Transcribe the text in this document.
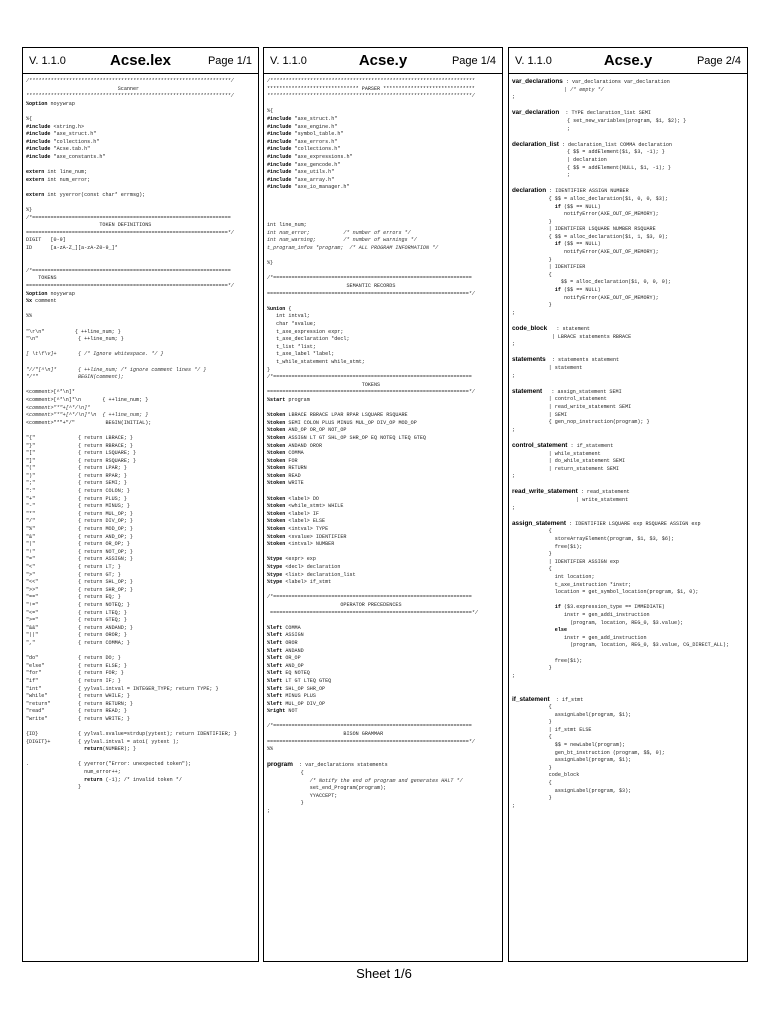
V. 1.1.0	Acse.lex	Page 1/1
/******************************************************************/
Scanner
*******************************************************************/
%option noyywrap
%{
#include <string.h>
#include "axe_struct.h"
#include "collections.h"
#include "Acse.tab.h"
#include "axe_constants.h"
extern int line_num;
extern int num_error;
extern int yyerror(const char* errmsg);
%}
/*=================================================================
TOKEN DEFINITIONS
==================================================================*/
DIGIT   [0-9]
ID      [a-zA-Z_][a-zA-Z0-9_]*
/*=================================================================
TOKENS
==================================================================*/
%option noyywrap
%x comment
%%
"\r\n"          { ++line_num; }
"\n"             { ++line_num; }
[ \t\f\v]+       { /* Ignore whitespace. */ }
"//"[^\n]*       { ++line_num; /* ignore comment lines */ }
"/*"             BEGIN(comment);
<comment>[^*\n]*
<comment>[^*\n]*\n       { ++line_num; }
<comment>"*"+[^*/\n]*
<comment>"*"+[^*/\n]*\n  { ++line_num; }
<comment>"*"+"/"          BEGIN(INITIAL);
"{"              { return LBRACE; }
"}"              { return RBRACE; }
"["              { return LSQUARE; }
"]"              { return RSQUARE; }
"("              { return LPAR; }
")"              { return RPAR; }
";"              { return SEMI; }
":"              { return COLON; }
"+"              { return PLUS; }
"-"              { return MINUS; }
"*"              { return MUL_OP; }
"/"              { return DIV_OP; }
"%"              { return MOD_OP; }
"&"              { return AND_OP; }
"|"              { return OR_OP; }
"!"              { return NOT_OP; }
"="              { return ASSIGN; }
"<"              { return LT; }
">"              { return GT; }
"<<"             { return SHL_OP; }
">>"             { return SHR_OP; }
"=="             { return EQ; }
"!="             { return NOTEQ; }
"<="             { return LTEQ; }
">="             { return GTEQ; }
"&&"             { return ANDAND; }
"||"             { return OROR; }
","              { return COMMA; }
"do"             { return DO; }
"else"           { return ELSE; }
"for"            { return FOR; }
"if"             { return IF; }
"int"            { yylval.intval = INTEGER_TYPE; return TYPE; }
"while"          { return WHILE; }
"return"         { return RETURN; }
"read"           { return READ; }
"write"          { return WRITE; }
{ID}             { yylval.svalue=strdup(yytext); return IDENTIFIER; }
{DIGIT}+         { yylval.intval = atoi( yytext );
return(NUMBER); }
.                { yyerror("Error: unexpected token");
num_error++;
return (-1); /* invalid token */
}
V. 1.1.0	Acse.y	Page 1/4
/*******************************************************************
****************************** PARSER ******************************
*******************************************************************/
%{
#include "axe_struct.h"
#include "axe_engine.h"
#include "symbol_table.h"
#include "axe_errors.h"
#include "collections.h"
#include "axe_expressions.h"
#include "axe_gencode.h"
#include "axe_utils.h"
#include "axe_array.h"
#include "axe_io_manager.h"
int line_num;
int num_error;           /* number of errors */
int num_warning;         /* number of warnings */
t_program_infos *program;  /* ALL PROGRAM INFORMATION */
%}
/*=================================================================
SEMANTIC RECORDS
==================================================================*/
%union {
int intval;
char *svalue;
t_axe_expression expr;
t_axe_declaration *decl;
t_list *list;
t_axe_label *label;
t_while_statement while_stmt;
}
/*=================================================================
TOKENS
==================================================================*/
%start program
%token LBRACE RBRACE LPAR RPAR LSQUARE RSQUARE
%token SEMI COLON PLUS MINUS MUL_OP DIV_OP MOD_OP
%token AND_OP OR_OP NOT_OP
%token ASSIGN LT GT SHL_OP SHR_OP EQ NOTEQ LTEQ GTEQ
%token ANDAND OROR
%token COMMA
%token FOR
%token RETURN
%token READ
%token WRITE
%token <label> DO
%token <while_stmt> WHILE
%token <label> IF
%token <label> ELSE
%token <intval> TYPE
%token <svalue> IDENTIFIER
%token <intval> NUMBER
%type <expr> exp
%type <decl> declaration
%type <list> declaration_list
%type <label> if_stmt
/*=================================================================
OPERATOR PRECEDENCES
==================================================================*/
%left COMMA
%left ASSIGN
%left OROR
%left ANDAND
%left OR_OP
%left AND_OP
%left EQ NOTEQ
%left LT GT LTEQ GTEQ
%left SHL_OP SHR_OP
%left MINUS PLUS
%left MUL_OP DIV_OP
%right NOT
/*=================================================================
BISON GRAMMAR
==================================================================*/
%%
program  : var_declarations statements
{
/* Notify the end of program and generates HALT */
set_end_Program(program);
YYACCEPT;
}
;
V. 1.1.0	Acse.y	Page 2/4
var_declarations : var_declarations var_declaration
| /* empty */
;
var_declaration  : TYPE declaration_list SEMI
{ set_new_variables(program, $1, $2); }
;
declaration_list : declaration_list COMMA declaration
{ $$ = addElement($1, $3, -1); }
| declaration
{ $$ = addElement(NULL, $1, -1); }
;
declaration : IDENTIFIER ASSIGN NUMBER
{ $$ = alloc_declaration($1, 0, 0, $3);
if ($$ == NULL)
notifyError(AXE_OUT_OF_MEMORY);
}
| IDENTIFIER LSQUARE NUMBER RSQUARE
{ $$ = alloc_declaration($1, 1, $3, 0);
if ($$ == NULL)
notifyError(AXE_OUT_OF_MEMORY);
}
| IDENTIFIER
{
$$ = alloc_declaration($1, 0, 0, 0);
if ($$ == NULL)
notifyError(AXE_OUT_OF_MEMORY);
}
;
code_block   : statement
| LBRACE statements RBRACE
;
statements  : statements statement
| statement
;
statement   : assign_statement SEMI
| control_statement
| read_write_statement SEMI
| SEMI
{ gen_nop_instruction(program); }
;
control_statement : if_statement
| while_statement
| do_while_statement SEMI
| return_statement SEMI
;
read_write_statement : read_statement
| write_statement
;
assign_statement : IDENTIFIER LSQUARE exp RSQUARE ASSIGN exp
{
storeArrayElement(program, $1, $3, $6);
free($1);
}
| IDENTIFIER ASSIGN exp
{
int location;
t_axe_instruction *instr;
location = get_symbol_location(program, $1, 0);
if ($3.expression_type == IMMEDIATE)
instr = gen_addi_instruction
(program, location, REG_0, $3.value);
else
instr = gen_add_instruction
(program, location, REG_0, $3.value, CG_DIRECT_ALL);
free($1);
}
;
if_statement  : if_stmt
{
assignLabel(program, $1);
}
| if_stmt ELSE
{
$$ = newLabel(program);
gen_bt_instruction (program, $$, 0);
assignLabel(program, $1);
}
code_block
{
assignLabel(program, $3);
}
;
Sheet 1/6
